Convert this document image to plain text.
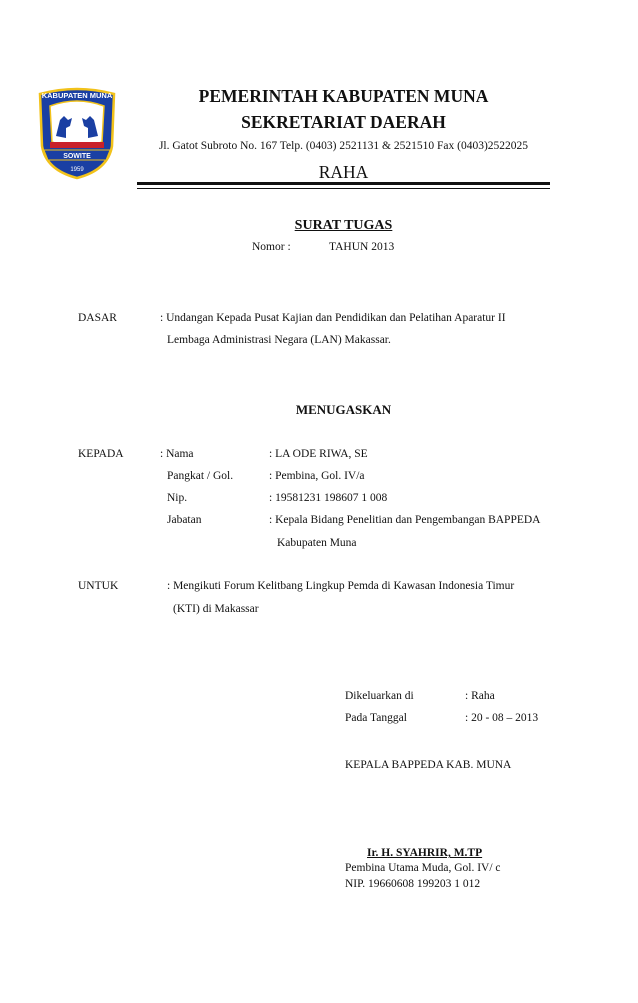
KABUPATEN MUNA
SOWITE
1959
PEMERINTAH KABUPATEN MUNA
SEKRETARIAT DAERAH
Jl. Gatot Subroto No. 167 Telp. (0403) 2521131 & 2521510 Fax (0403)2522025
RAHA
SURAT TUGAS
Nomor :	TAHUN 2013
DASAR	: Undangan Kepada Pusat Kajian dan Pendidikan dan Pelatihan Aparatur II
Lembaga Administrasi Negara (LAN) Makassar.
MENUGASKAN
KEPADA	: Nama	: LA ODE RIWA, SE
Pangkat / Gol.	: Pembina, Gol. IV/a
Nip.	: 19581231 198607 1 008
Jabatan	: Kepala Bidang Penelitian dan Pengembangan BAPPEDA
Kabupaten Muna
UNTUK	: Mengikuti Forum Kelitbang Lingkup Pemda di Kawasan Indonesia Timur
(KTI) di Makassar
Dikeluarkan di	: Raha
Pada Tanggal	: 20 - 08 – 2013
KEPALA BAPPEDA KAB. MUNA
Ir. H. SYAHRIR, M.TP
Pembina Utama Muda, Gol. IV/ c
NIP. 19660608 199203 1 012
